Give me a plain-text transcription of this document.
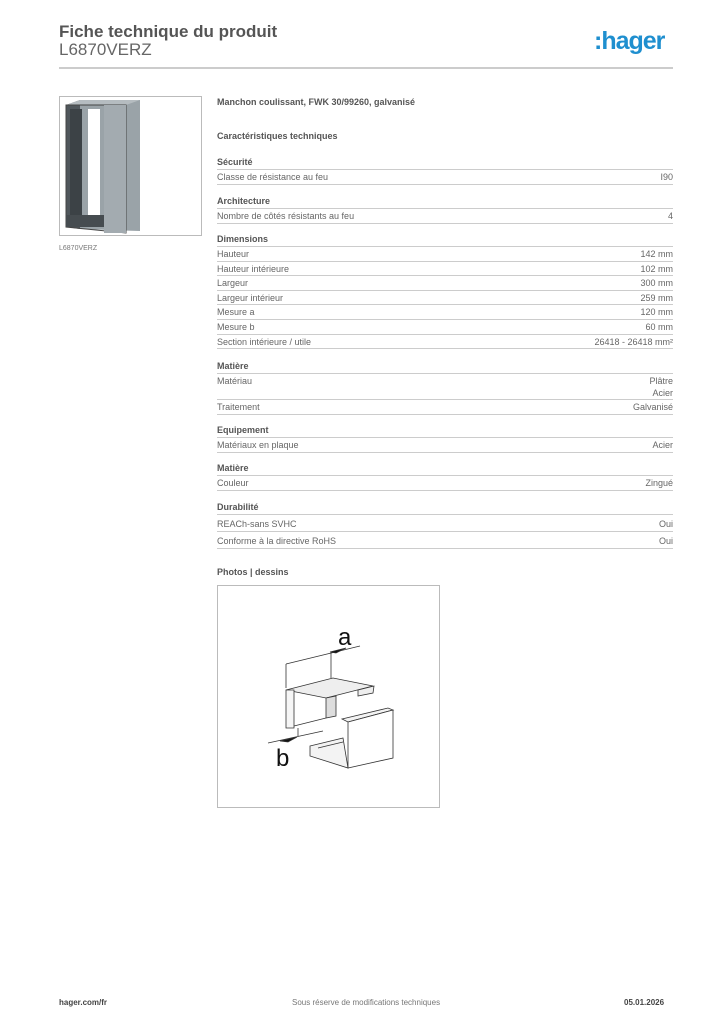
Fiche technique du produit
L6870VERZ	:hager
L6870VERZ
Manchon coulissant, FWK 30/99260, galvanisé
Caractéristiques techniques
Sécurité
Classe de résistance au feu	I90
Architecture
Nombre de côtés résistants au feu	4
Dimensions
Hauteur	142 mm
Hauteur intérieure	102 mm
Largeur	300 mm
Largeur intérieur	259 mm
Mesure a	120 mm
Mesure b	60 mm
Section intérieure / utile	26418 - 26418 mm²
Matière
Matériau	Plâtre
Acier
Traitement	Galvanisé
Equipement
Matériaux en plaque	Acier
Matière
Couleur	Zingué
Durabilité
REACh-sans SVHC	Oui
Conforme à la directive RoHS	Oui
Photos | dessins
a
b
hager.com/fr	Sous réserve de modifications techniques	05.01.2026
